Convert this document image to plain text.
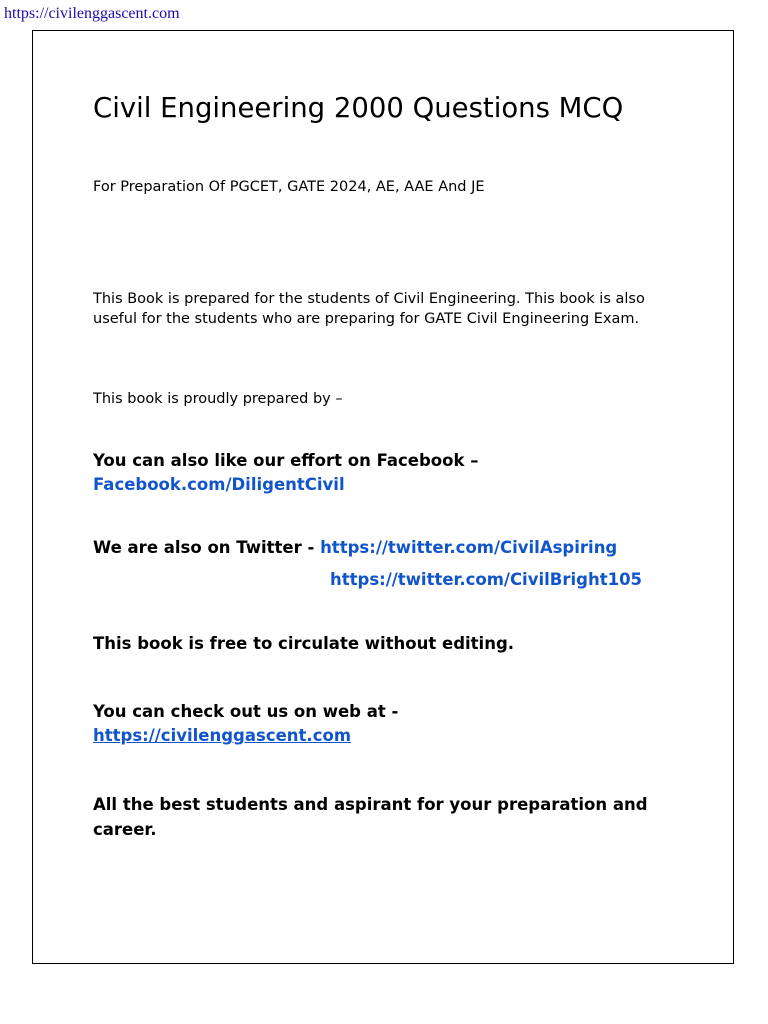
https://civilenggascent.com
Civil Engineering 2000 Questions MCQ
For Preparation Of PGCET, GATE 2024, AE, AAE And JE

This Book is prepared for the students of Civil Engineering. This book is also useful for the students who are preparing for GATE Civil Engineering Exam.

This book is proudly prepared by –
You can also like our effort on Facebook –
Facebook.com/DiligentCivil
We are also on Twitter - https://twitter.com/CivilAspiring
https://twitter.com/CivilBright105
This book is free to circulate without editing.
You can check out us on web at -
https://civilenggascent.com

All the best students and aspirant for your preparation and career.
